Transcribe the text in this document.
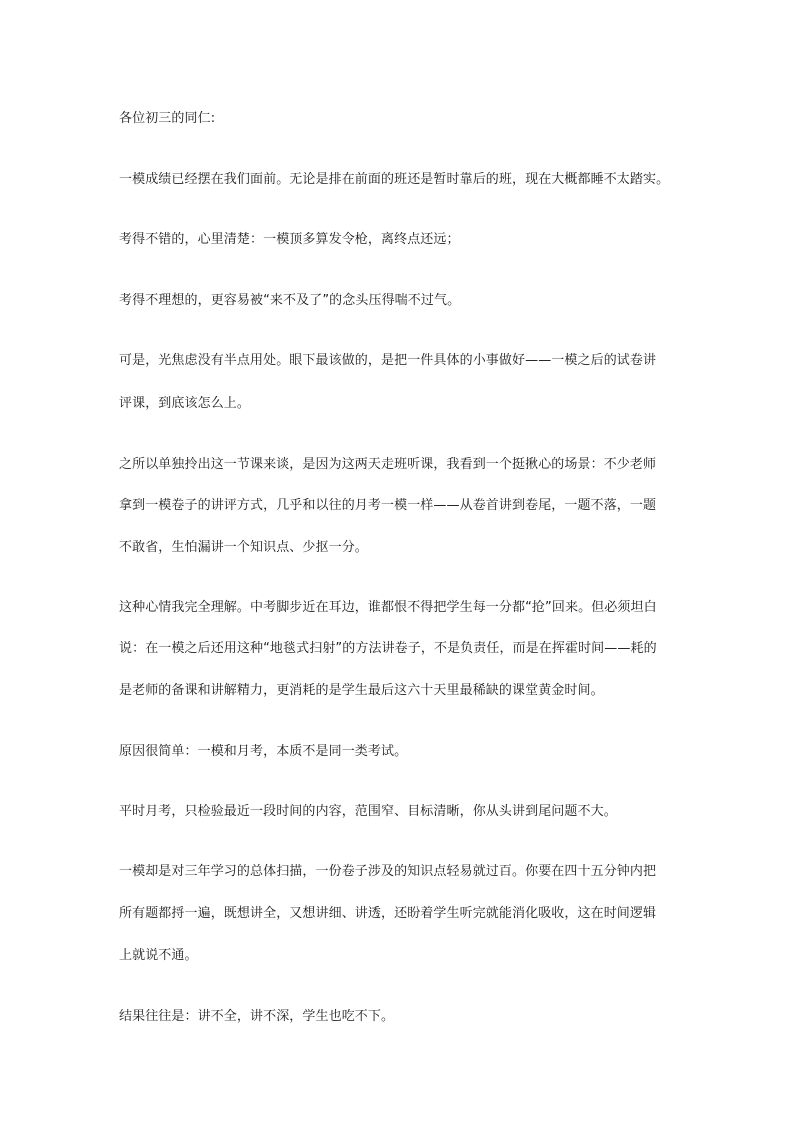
各位初三的同仁:
一模成绩已经摆在我们面前。无论是排在前面的班还是暂时靠后的班，现在大概都睡不太踏实。
考得不错的，心里清楚：一模顶多算发令枪，离终点还远；
考得不理想的，更容易被“来不及了”的念头压得喘不过气。
可是，光焦虑没有半点用处。眼下最该做的，是把一件具体的小事做好——一模之后的试卷讲
评课，到底该怎么上。
之所以单独拎出这一节课来谈，是因为这两天走班听课，我看到一个挺揪心的场景：不少老师
拿到一模卷子的讲评方式，几乎和以往的月考一模一样——从卷首讲到卷尾，一题不落，一题
不敢省，生怕漏讲一个知识点、少抠一分。
这种心情我完全理解。中考脚步近在耳边，谁都恨不得把学生每一分都“抢”回来。但必须坦白
说：在一模之后还用这种“地毯式扫射”的方法讲卷子，不是负责任，而是在挥霍时间——耗的
是老师的备课和讲解精力，更消耗的是学生最后这六十天里最稀缺的课堂黄金时间。
原因很简单：一模和月考，本质不是同一类考试。
平时月考，只检验最近一段时间的内容，范围窄、目标清晰，你从头讲到尾问题不大。
一模却是对三年学习的总体扫描，一份卷子涉及的知识点轻易就过百。你要在四十五分钟内把
所有题都捋一遍，既想讲全，又想讲细、讲透，还盼着学生听完就能消化吸收，这在时间逻辑
上就说不通。
结果往往是：讲不全，讲不深，学生也吃不下。
